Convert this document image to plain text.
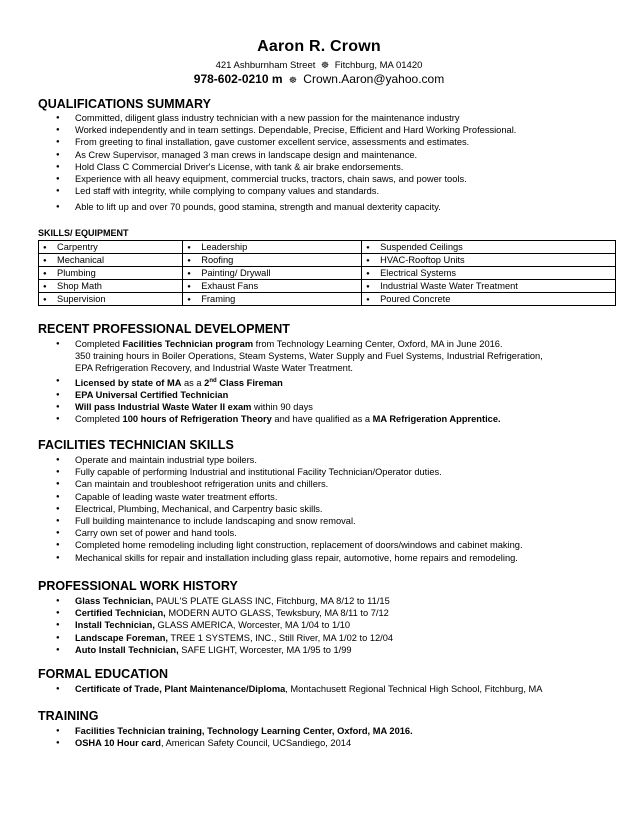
Aaron R. Crown
421 Ashburnham Street ☸ Fitchburg, MA 01420
978-602-0210 m ☸ Crown.Aaron@yahoo.com
QUALIFICATIONS SUMMARY
● Committed, diligent glass industry technician with a new passion for the maintenance industry
● Worked independently and in team settings. Dependable, Precise, Efficient and Hard Working Professional.
● From greeting to final installation, gave customer excellent service, assessments and estimates.
● As Crew Supervisor, managed 3 man crews in landscape design and maintenance.
● Hold Class C Commercial Driver's License, with tank & air brake endorsements.
● Experience with all heavy equipment, commercial trucks, tractors, chain saws, and power tools.
● Led staff with integrity, while complying to company values and standards.
● Able to lift up and over 70 pounds, good stamina, strength and manual dexterity capacity.
SKILLS/ EQUIPMENT
● Carpentry	● Leadership	● Suspended Ceilings
● Mechanical	● Roofing	● HVAC-Rooftop Units
● Plumbing	● Painting/ Drywall	● Electrical Systems
● Shop Math	● Exhaust Fans	● Industrial Waste Water Treatment
● Supervision	● Framing	● Poured Concrete
RECENT PROFESSIONAL DEVELOPMENT
● Completed Facilities Technician program from Technology Learning Center, Oxford, MA in June 2016.
350 training hours in Boiler Operations, Steam Systems, Water Supply and Fuel Systems, Industrial Refrigeration,
EPA Refrigeration Recovery, and Industrial Waste Water Treatment.
● Licensed by state of MA as a 2nd Class Fireman
● EPA Universal Certified Technician
● Will pass Industrial Waste Water II exam within 90 days
● Completed 100 hours of Refrigeration Theory and have qualified as a MA Refrigeration Apprentice.
FACILITIES TECHNICIAN SKILLS
● Operate and maintain industrial type boilers.
● Fully capable of performing Industrial and institutional Facility Technician/Operator duties.
● Can maintain and troubleshoot refrigeration units and chillers.
● Capable of leading waste water treatment efforts.
● Electrical, Plumbing, Mechanical, and Carpentry basic skills.
● Full building maintenance to include landscaping and snow removal.
● Carry own set of power and hand tools.
● Completed home remodeling including light construction, replacement of doors/windows and cabinet making.
● Mechanical skills for repair and installation including glass repair, automotive, home repairs and remodeling.
PROFESSIONAL WORK HISTORY
● Glass Technician, PAUL'S PLATE GLASS INC, Fitchburg, MA 8/12 to 11/15
● Certified Technician, MODERN AUTO GLASS, Tewksbury, MA 8/11 to 7/12
● Install Technician, GLASS AMERICA, Worcester, MA 1/04 to 1/10
● Landscape Foreman, TREE 1 SYSTEMS, INC., Still River, MA 1/02 to 12/04
● Auto Install Technician, SAFE LIGHT, Worcester, MA 1/95 to 1/99
FORMAL EDUCATION
● Certificate of Trade, Plant Maintenance/Diploma, Montachusett Regional Technical High School, Fitchburg, MA
TRAINING
● Facilities Technician training, Technology Learning Center, Oxford, MA 2016.
● OSHA 10 Hour card, American Safety Council, UCSandiego, 2014
